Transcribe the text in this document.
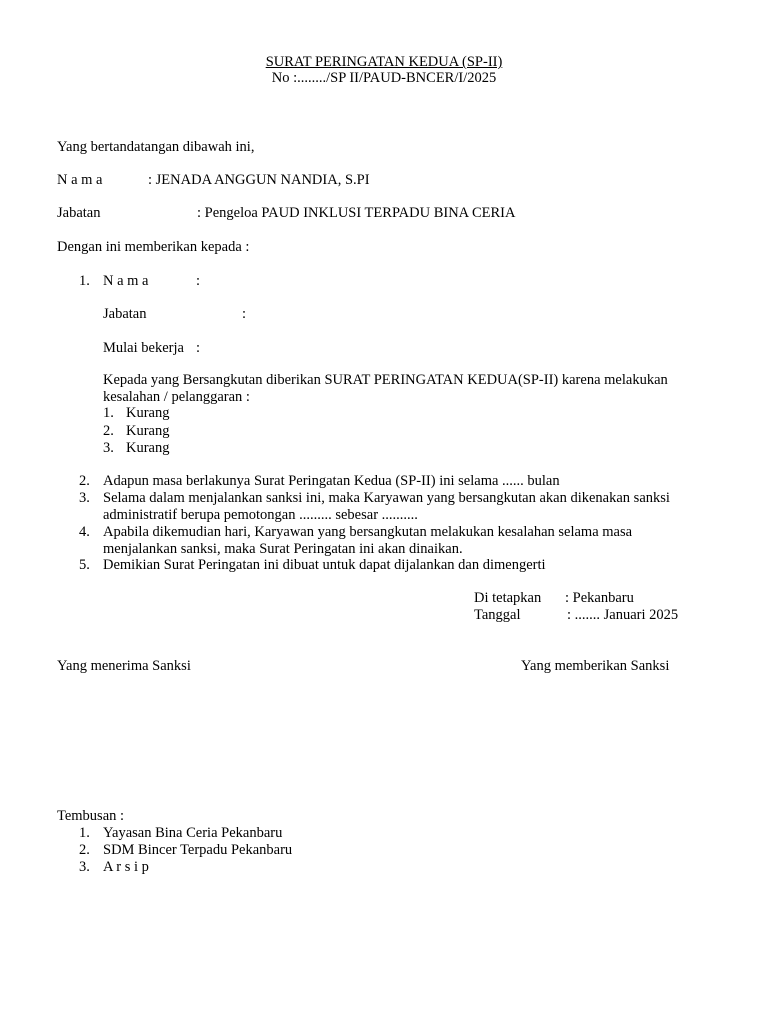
SURAT PERINGATAN KEDUA (SP-II)
No :......../SP II/PAUD-BNCER/I/2025
Yang bertandatangan dibawah ini,
N a m a	: JENADA ANGGUN NANDIA, S.PI
Jabatan	: Pengeloa PAUD INKLUSI TERPADU BINA CERIA
Dengan ini memberikan kepada :
1. N a m a	:
Jabatan	:
Mulai bekerja :
Kepada yang Bersangkutan diberikan SURAT PERINGATAN KEDUA(SP-II) karena melakukan
kesalahan / pelanggaran :
1. Kurang
2. Kurang
3. Kurang
2. Adapun masa berlakunya Surat Peringatan Kedua (SP-II) ini selama ...... bulan
3. Selama dalam menjalankan sanksi ini, maka Karyawan yang bersangkutan akan dikenakan sanksi
administratif berupa pemotongan ......... sebesar ..........
4. Apabila dikemudian hari, Karyawan yang bersangkutan melakukan kesalahan selama masa
menjalankan sanksi, maka Surat Peringatan ini akan dinaikan.
5. Demikian Surat Peringatan ini dibuat untuk dapat dijalankan dan dimengerti
Di tetapkan : Pekanbaru
Tanggal	: ....... Januari 2025
Yang menerima Sanksi	Yang memberikan Sanksi
Tembusan :
1. Yayasan Bina Ceria Pekanbaru
2. SDM Bincer Terpadu Pekanbaru
3. A r s i p
